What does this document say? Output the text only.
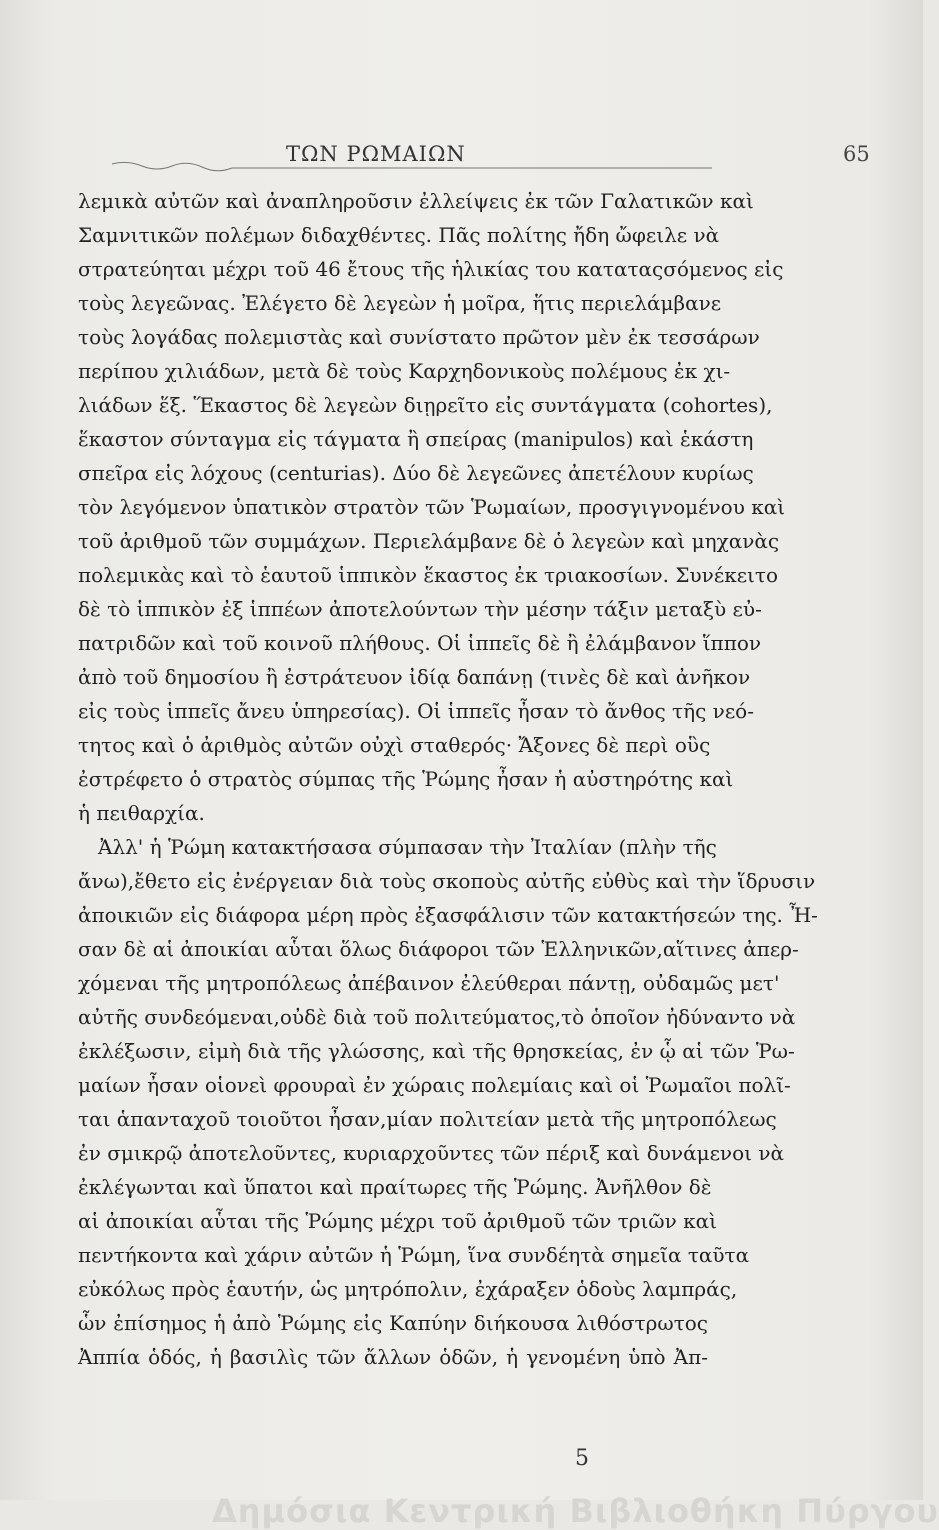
ΤΩΝ ΡΩΜΑΙΩΝ	65
λεμικὰ αὐτῶν καὶ ἀναπληροῦσιν ἐλλείψεις ἐκ τῶν Γαλατικῶν καὶ
Σαμνιτικῶν πολέμων διδαχθέντες. Πᾶς πολίτης ἤδη ὤφειλε νὰ
στρατεύηται μέχρι τοῦ 46 ἔτους τῆς ἡλικίας του καταταςσόμενος εἰς
τοὺς λεγεῶνας. Ἐλέγετο δὲ λεγεὼν ἡ μοῖρα, ἥτις περιελάμβανε
τοὺς λογάδας πολεμιστὰς καὶ συνίστατο πρῶτον μὲν ἐκ τεσσάρων
περίπου χιλιάδων, μετὰ δὲ τοὺς Καρχηδονικοὺς πολέμους ἐκ χι-
λιάδων ἕξ. Ἕκαστος δὲ λεγεὼν διῃρεῖτο εἰς συντάγματα (cohortes),
ἕκαστον σύνταγμα εἰς τάγματα ἢ σπείρας (manipulos) καὶ ἑκάστη
σπεῖρα εἰς λόχους (centurias). Δύο δὲ λεγεῶνες ἀπετέλουν κυρίως
τὸν λεγόμενον ὑπατικὸν στρατὸν τῶν Ῥωμαίων, προσγιγνομένου καὶ
τοῦ ἀριθμοῦ τῶν συμμάχων. Περιελάμβανε δὲ ὁ λεγεὼν καὶ μηχανὰς
πολεμικὰς καὶ τὸ ἑαυτοῦ ἱππικὸν ἕκαστος ἐκ τριακοσίων. Συνέκειτο
δὲ τὸ ἱππικὸν ἐξ ἱππέων ἀποτελούντων τὴν μέσην τάξιν μεταξὺ εὐ-
πατριδῶν καὶ τοῦ κοινοῦ πλήθους. Οἱ ἱππεῖς δὲ ἢ ἐλάμβανον ἵππον
ἀπὸ τοῦ δημοσίου ἢ ἐστράτευον ἰδίᾳ δαπάνῃ (τινὲς δὲ καὶ ἀνῆκον
εἰς τοὺς ἱππεῖς ἄνευ ὑπηρεσίας). Οἱ ἱππεῖς ἦσαν τὸ ἄνθος τῆς νεό-
τητος καὶ ὁ ἀριθμὸς αὐτῶν οὐχὶ σταθερός· Ἄξονες δὲ περὶ οὓς
ἐστρέφετο ὁ στρατὸς σύμπας τῆς Ῥώμης ἦσαν ἡ αὐστηρότης καὶ
ἡ πειθαρχία.
Ἀλλ' ἡ Ῥώμη κατακτήσασα σύμπασαν τὴν Ἰταλίαν (πλὴν τῆς
ἄνω),ἔθετο εἰς ἐνέργειαν διὰ τοὺς σκοποὺς αὐτῆς εὐθὺς καὶ τὴν ἵδρυσιν
ἀποικιῶν εἰς διάφορα μέρη πρὸς ἐξασφάλισιν τῶν κατακτήσεών της. Ἦ-
σαν δὲ αἱ ἀποικίαι αὗται ὅλως διάφοροι τῶν Ἑλληνικῶν,αἵτινες ἀπερ-
χόμεναι τῆς μητροπόλεως ἀπέβαινον ἐλεύθεραι πάντῃ, οὐδαμῶς μετ'
αὐτῆς συνδεόμεναι,οὐδὲ διὰ τοῦ πολιτεύματος,τὸ ὁποῖον ἠδύναντο νὰ
ἐκλέξωσιν, εἰμὴ διὰ τῆς γλώσσης, καὶ τῆς θρησκείας, ἐν ᾧ αἱ τῶν Ῥω-
μαίων ἦσαν οἱονεὶ φρουραὶ ἐν χώραις πολεμίαις καὶ οἱ Ῥωμαῖοι πολῖ-
ται ἁπανταχοῦ τοιοῦτοι ἦσαν,μίαν πολιτείαν μετὰ τῆς μητροπόλεως
ἐν σμικρῷ ἀποτελοῦντες, κυριαρχοῦντες τῶν πέριξ καὶ δυνάμενοι νὰ
ἐκλέγωνται καὶ ὕπατοι καὶ πραίτωρες τῆς Ῥώμης. Ἀνῆλθον δὲ
αἱ ἀποικίαι αὗται τῆς Ῥώμης μέχρι τοῦ ἀριθμοῦ τῶν τριῶν καὶ
πεντήκοντα καὶ χάριν αὐτῶν ἡ Ῥώμη, ἵνα συνδέητὰ σημεῖα ταῦτα
εὐκόλως πρὸς ἑαυτήν, ὡς μητρόπολιν, ἐχάραξεν ὁδοὺς λαμπράς,
ὧν ἐπίσημος ἡ ἀπὸ Ῥώμης εἰς Καπύην διήκουσα λιθόστρωτος
Ἀππία ὁδός, ἡ βασιλὶς τῶν ἄλλων ὁδῶν, ἡ γενομένη ὑπὸ Ἀπ-
5
Δημόσια Κεντρική Βιβλιοθήκη Πύργου
